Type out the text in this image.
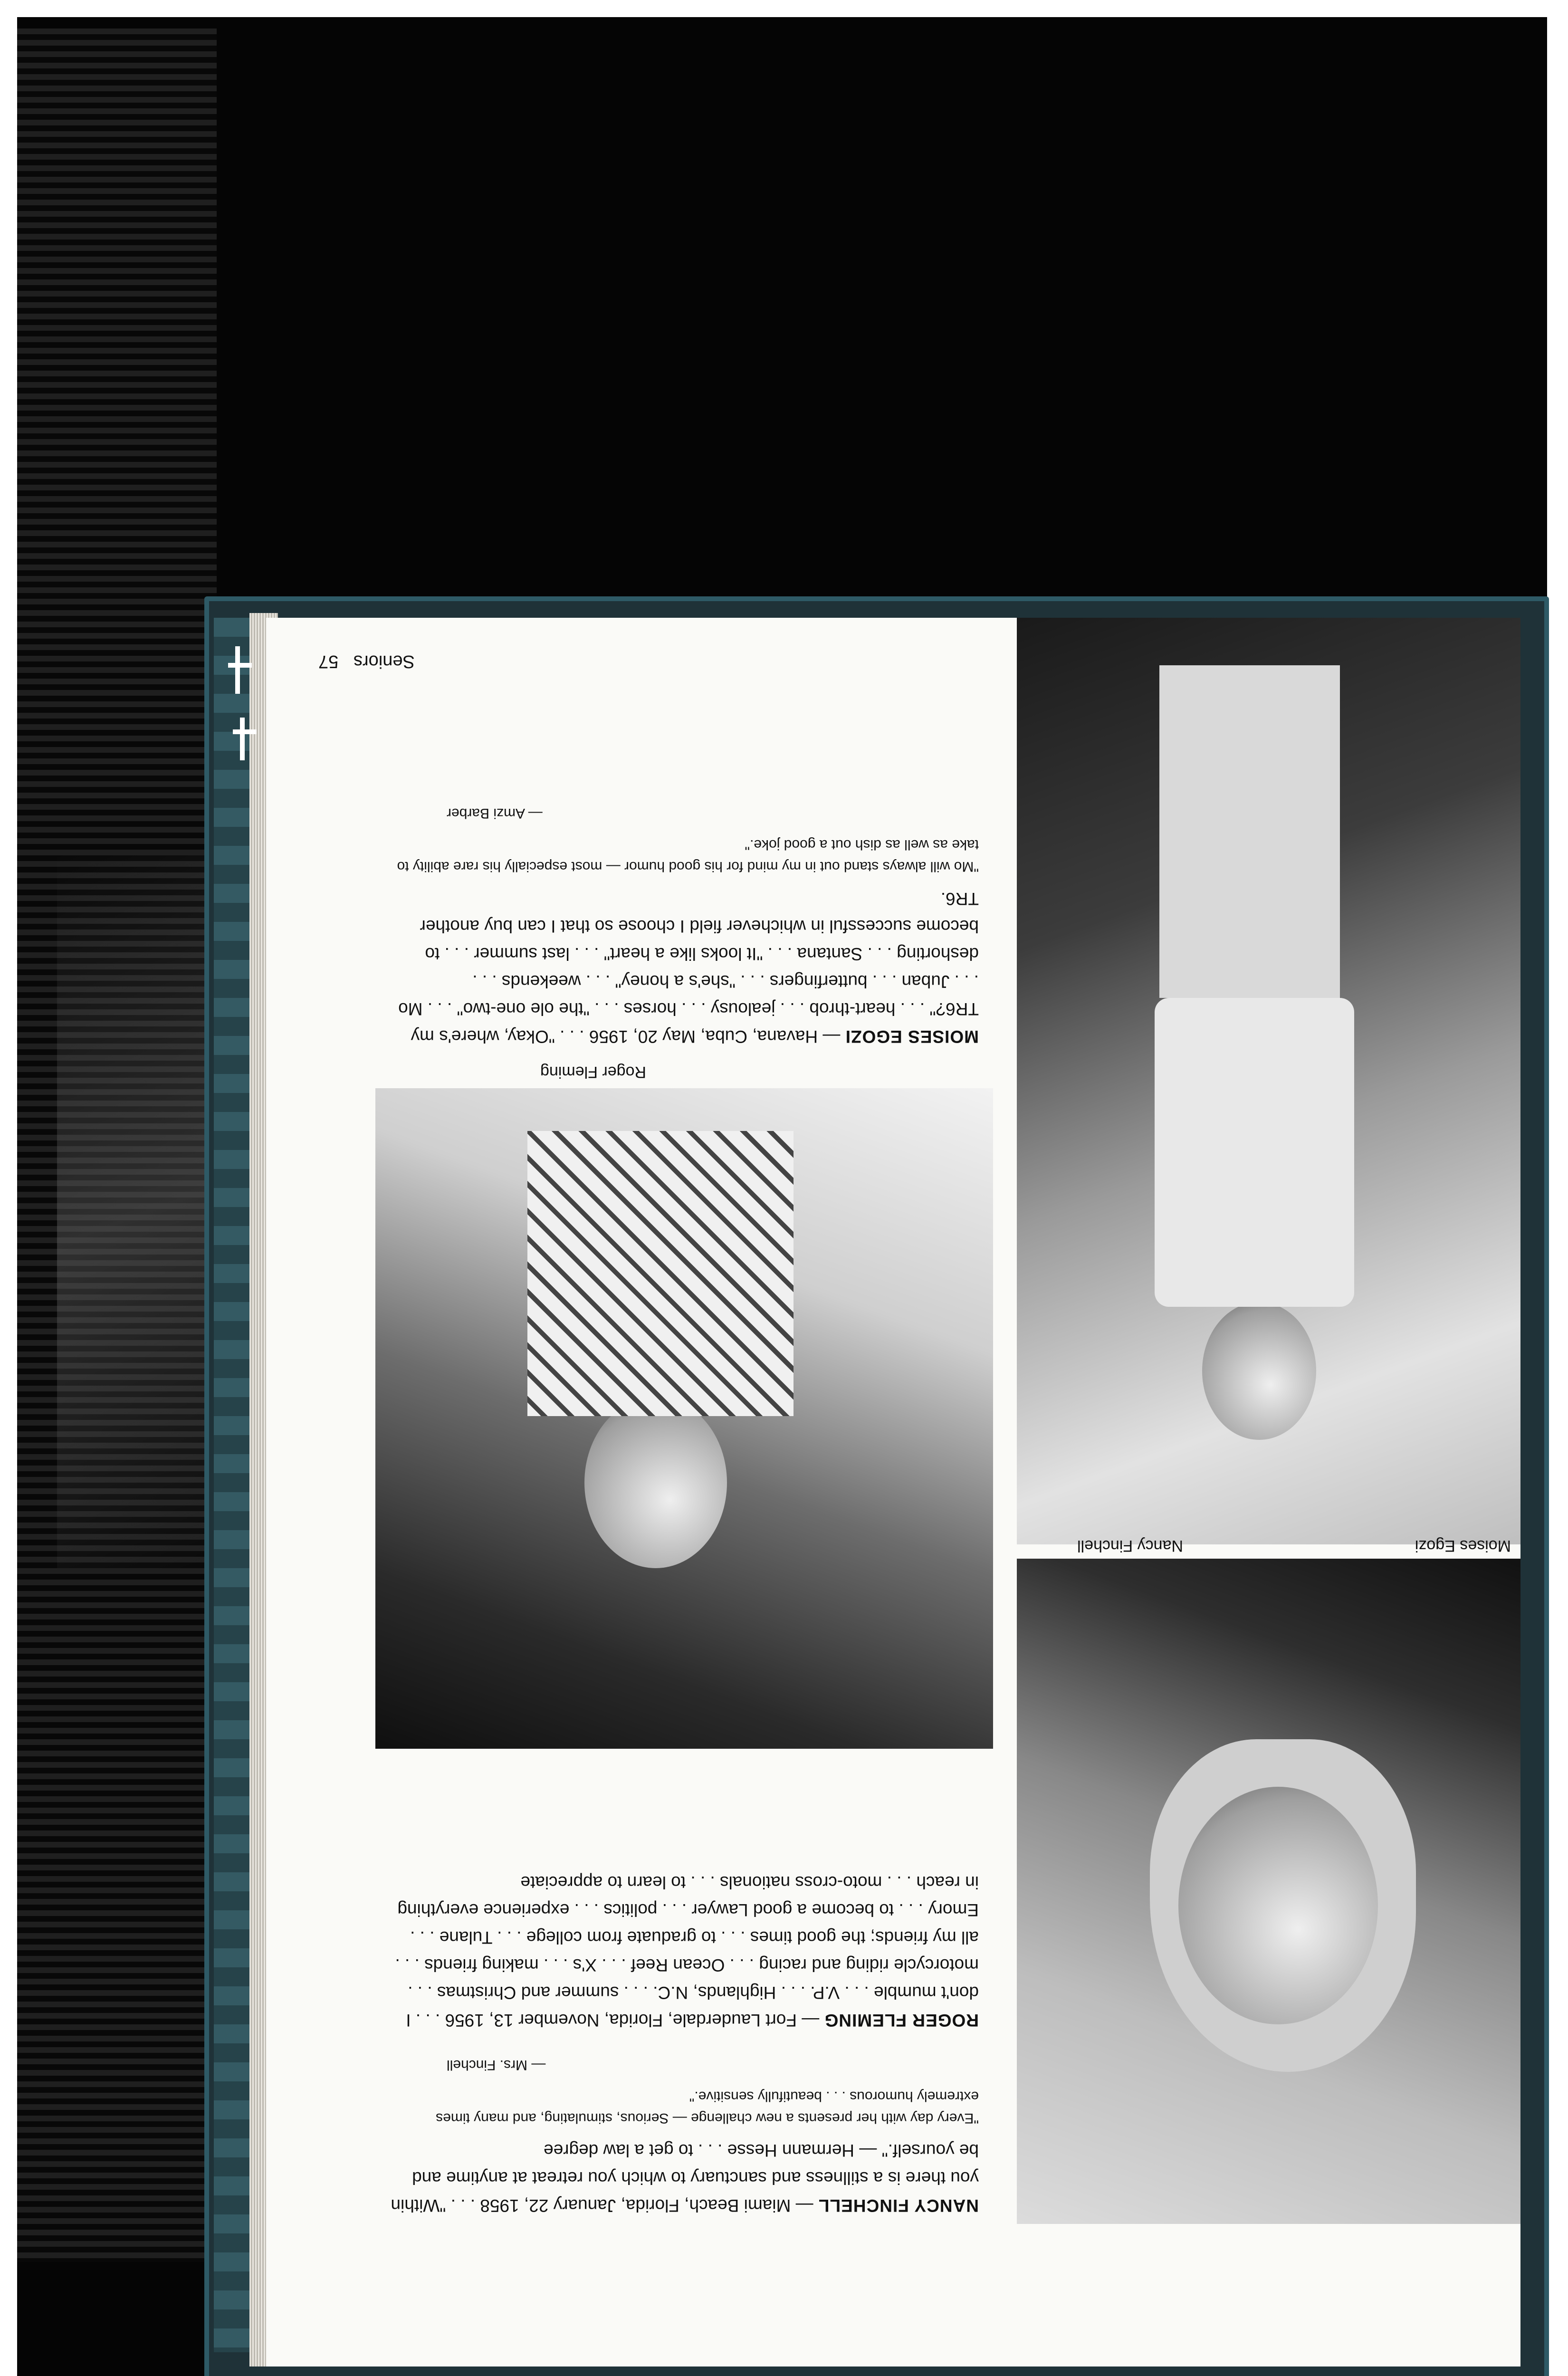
Nancy Finchell	Moises Egozi
NANCY FINCHELL — Miami Beach, Florida, January 22, 1958 . . . "Within you there is a stillness and sanctuary to which you retreat at anytime and be yourself." — Hermann Hesse . . . to get a law degree
"Every day with her presents a new challenge — Serious, stimulating, and many times extremely humorous . . . beautifully sensitive."
— Mrs. Finchell
ROGER FLEMING — Fort Lauderdale, Florida, November 13, 1956 . . . I don't mumble . . . V.P. . . . Highlands, N.C. . . . summer and Christmas . . . motorcycle riding and racing . . . Ocean Reef . . . X's . . . making friends . . . all my friends; the good times . . . to graduate from college . . . Tulane . . . Emory . . . to become a good Lawyer . . . politics . . . experience everything in reach . . . moto-cross nationals . . . to learn to appreciate
Roger Fleming
MOISES EGOZI — Havana, Cuba, May 20, 1956 . . . "Okay, where's my TR6?" . . . heart-throb . . . jealousy . . . horses . . . "the ole one-two" . . . Mo . . . Juban . . . butterfingers . . . "she's a honey" . . . weekends . . . deshorting . . . Santana . . . "It looks like a heart" . . . last summer . . . to become successful in whichever field I choose so that I can buy another TR6.
"Mo will always stand out in my mind for his good humor — most especially his rare ability to take as well as dish out a good joke."
— Amzi Barber
Seniors   57
